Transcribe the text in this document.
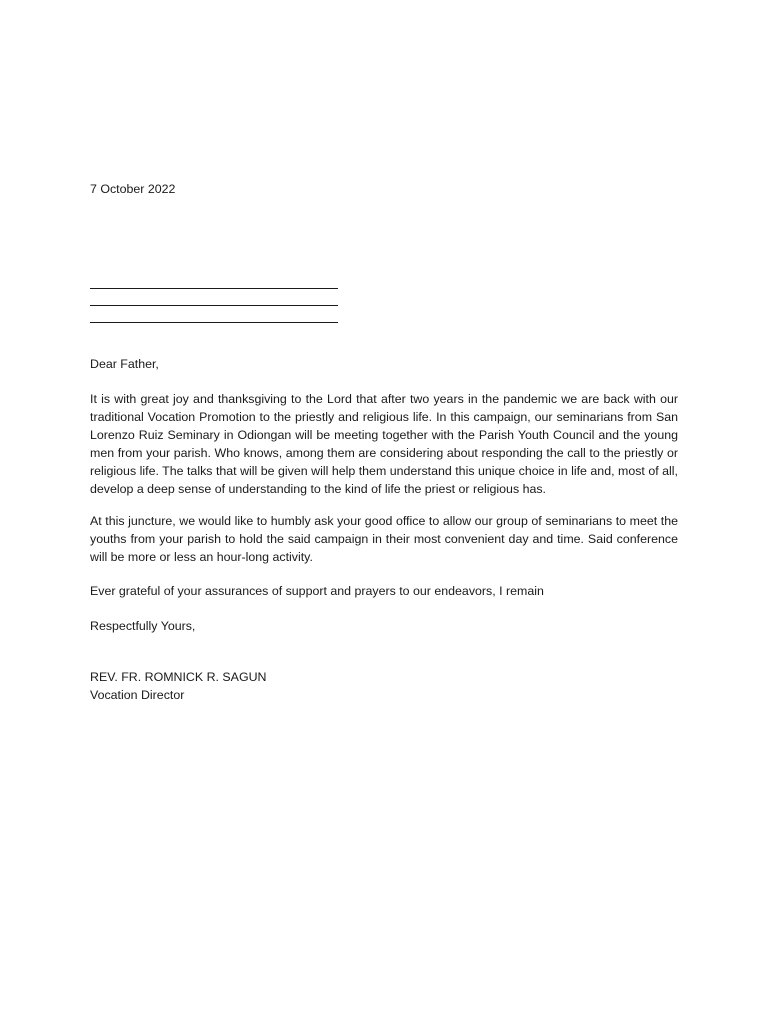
7 October 2022
Dear Father,

It is with great joy and thanksgiving to the Lord that after two years in the pandemic we are back with our traditional Vocation Promotion to the priestly and religious life. In this campaign, our seminarians from San Lorenzo Ruiz Seminary in Odiongan will be meeting together with the Parish Youth Council and the young men from your parish. Who knows, among them are considering about responding the call to the priestly or religious life. The talks that will be given will help them understand this unique choice in life and, most of all, develop a deep sense of understanding to the kind of life the priest or religious has.

At this juncture, we would like to humbly ask your good office to allow our group of seminarians to meet the youths from your parish to hold the said campaign in their most convenient day and time. Said conference will be more or less an hour-long activity.

Ever grateful of your assurances of support and prayers to our endeavors, I remain

Respectfully Yours,
REV. FR. ROMNICK R. SAGUN
Vocation Director
